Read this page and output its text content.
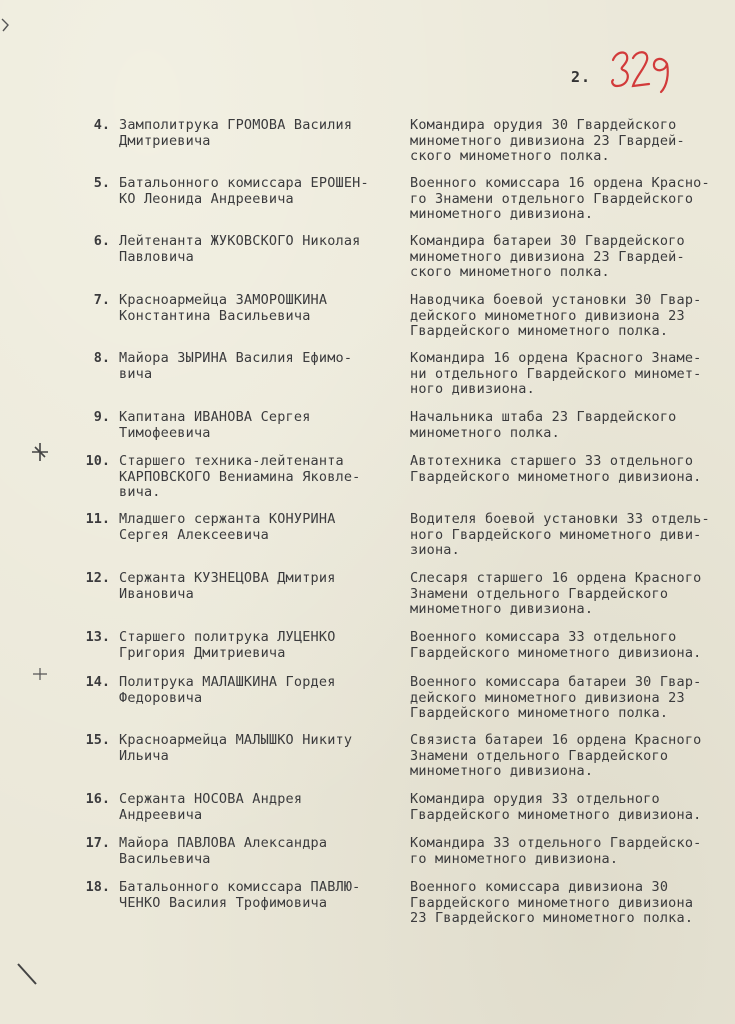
2.
4. Замполитрука ГРОМОВА Василия
Дмитриевича
Командира орудия 30 Гвардейского
минометного дивизиона 23 Гвардей-
ского минометного полка.
5. Батальонного комиссара ЕРОШЕН-
КО Леонида Андреевича
Военного комиссара 16 ордена Красно-
го Знамени отдельного Гвардейского
минометного дивизиона.
6. Лейтенанта ЖУКОВСКОГО Николая
Павловича
Командира батареи 30 Гвардейского
минометного дивизиона 23 Гвардей-
ского минометного полка.
7. Красноармейца ЗАМОРОШКИНА
Константина Васильевича
Наводчика боевой установки 30 Гвар-
дейского минометного дивизиона 23
Гвардейского минометного полка.
8. Майора ЗЫРИНА Василия Ефимо-
вича
Командира 16 ордена Красного Знаме-
ни отдельного Гвардейского миномет-
ного дивизиона.
9. Капитана ИВАНОВА Сергея
Тимофеевича
Начальника штаба 23 Гвардейского
минометного полка.
10. Старшего техника-лейтенанта
КАРПОВСКОГО Вениамина Яковле-
вича.
Автотехника старшего 33 отдельного
Гвардейского минометного дивизиона.
11. Младшего сержанта КОНУРИНА
Сергея Алексеевича
Водителя боевой установки 33 отдель-
ного Гвардейского минометного диви-
зиона.
12. Сержанта КУЗНЕЦОВА Дмитрия
Ивановича
Слесаря старшего 16 ордена Красного
Знамени отдельного Гвардейского
минометного дивизиона.
13. Старшего политрука ЛУЦЕНКО
Григория Дмитриевича
Военного комиссара 33 отдельного
Гвардейского минометного дивизиона.
14. Политрука МАЛАШКИНА Гордея
Федоровича
Военного комиссара батареи 30 Гвар-
дейского минометного дивизиона 23
Гвардейского минометного полка.
15. Красноармейца МАЛЫШКО Никиту
Ильича
Связиста батареи 16 ордена Красного
Знамени отдельного Гвардейского
минометного дивизиона.
16. Сержанта НОСОВА Андрея
Андреевича
Командира орудия 33 отдельного
Гвардейского минометного дивизиона.
17. Майора ПАВЛОВА Александра
Васильевича
Командира 33 отдельного Гвардейско-
го минометного дивизиона.
18. Батальонного комиссара ПАВЛЮ-
ЧЕНКО Василия Трофимовича
Военного комиссара дивизиона 30
Гвардейского минометного дивизиона
23 Гвардейского минометного полка.
